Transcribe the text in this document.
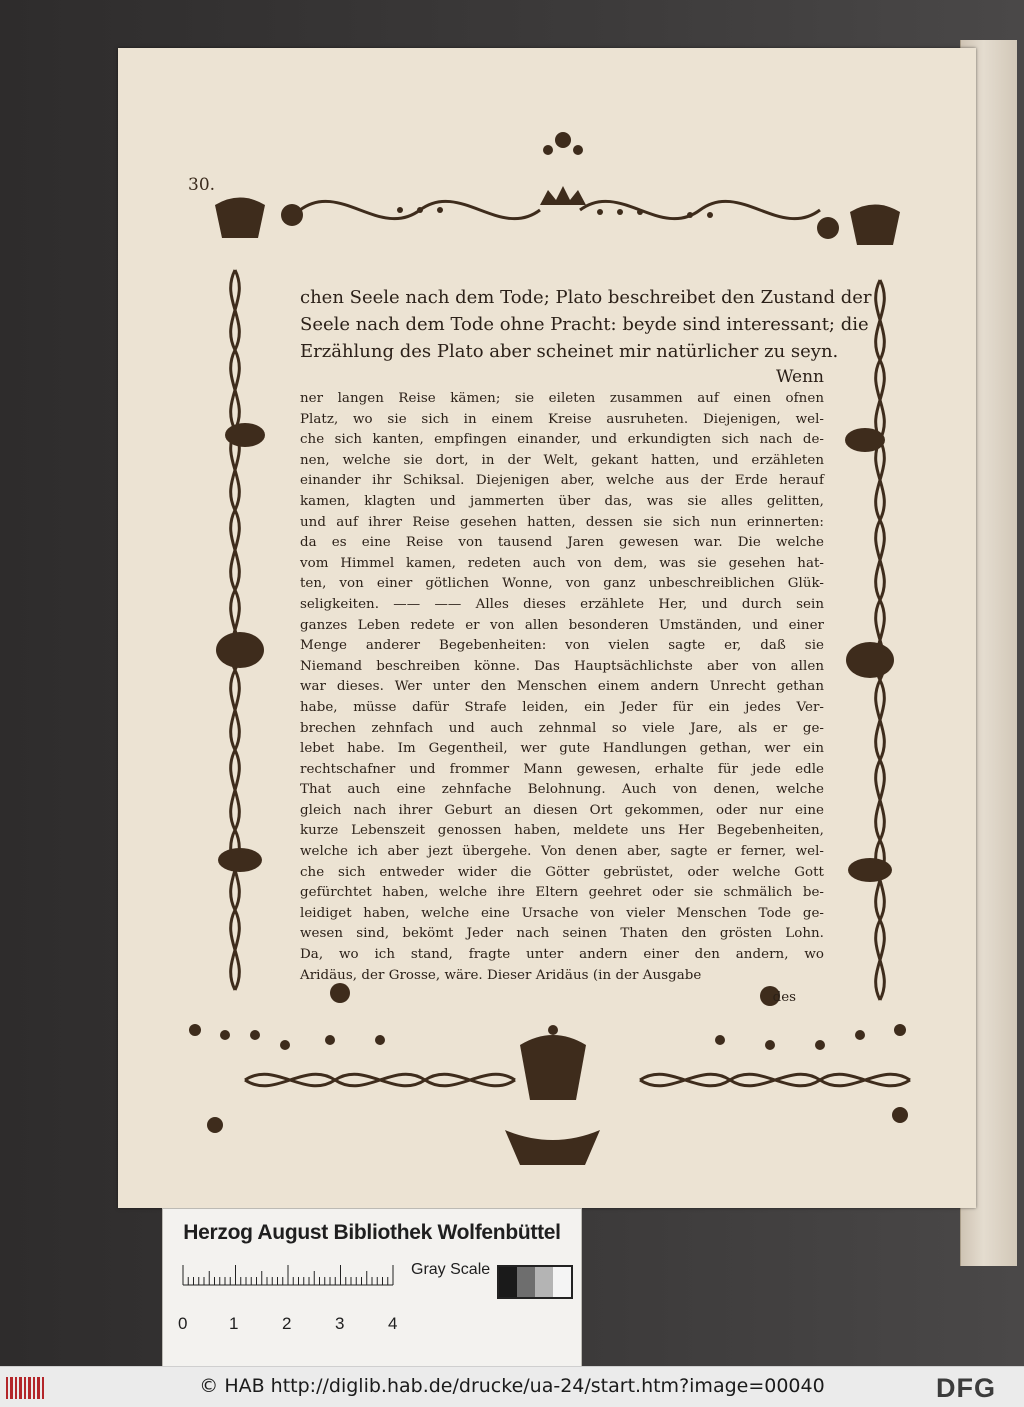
30.
chen Seele nach dem Tode; Plato beschreibet den Zustand der
Seele nach dem Tode ohne Pracht: beyde sind interessant; die
Erzählung des Plato aber scheinet mir natürlicher zu seyn.
Wenn
ner langen Reise kämen; sie eileten zusammen auf einen ofnen
Platz, wo sie sich in einem Kreise ausruheten. Diejenigen, wel-
che sich kanten, empfingen einander, und erkundigten sich nach de-
nen, welche sie dort, in der Welt, gekant hatten, und erzähleten
einander ihr Schiksal. Diejenigen aber, welche aus der Erde herauf
kamen, klagten und jammerten über das, was sie alles gelitten,
und auf ihrer Reise gesehen hatten, dessen sie sich nun erinnerten:
da es eine Reise von tausend Jaren gewesen war. Die welche
vom Himmel kamen, redeten auch von dem, was sie gesehen hat-
ten, von einer götlichen Wonne, von ganz unbeschreiblichen Glük-
seligkeiten. —— —— Alles dieses erzählete Her, und durch sein
ganzes Leben redete er von allen besonderen Umständen, und einer
Menge anderer Begebenheiten: von vielen sagte er, daß sie
Niemand beschreiben könne. Das Hauptsächlichste aber von allen
war dieses. Wer unter den Menschen einem andern Unrecht gethan
habe, müsse dafür Strafe leiden, ein Jeder für ein jedes Ver-
brechen zehnfach und auch zehnmal so viele Jare, als er ge-
lebet habe. Im Gegentheil, wer gute Handlungen gethan, wer ein
rechtschafner und frommer Mann gewesen, erhalte für jede edle
That auch eine zehnfache Belohnung. Auch von denen, welche
gleich nach ihrer Geburt an diesen Ort gekommen, oder nur eine
kurze Lebenszeit genossen haben, meldete uns Her Begebenheiten,
welche ich aber jezt übergehe. Von denen aber, sagte er ferner, wel-
che sich entweder wider die Götter gebrüstet, oder welche Gott
gefürchtet haben, welche ihre Eltern geehret oder sie schmälich be-
leidiget haben, welche eine Ursache von vieler Menschen Tode ge-
wesen sind, bekömt Jeder nach seinen Thaten den grösten Lohn.
Da, wo ich stand, fragte unter andern einer den andern, wo
Aridäus, der Grosse, wäre. Dieser Aridäus (in der Ausgabe
des
Herzog August Bibliothek Wolfenbüttel
0 1	2	3	4
Gray Scale
© HAB http://diglib.hab.de/drucke/ua-24/start.htm?image=00040	DFG
